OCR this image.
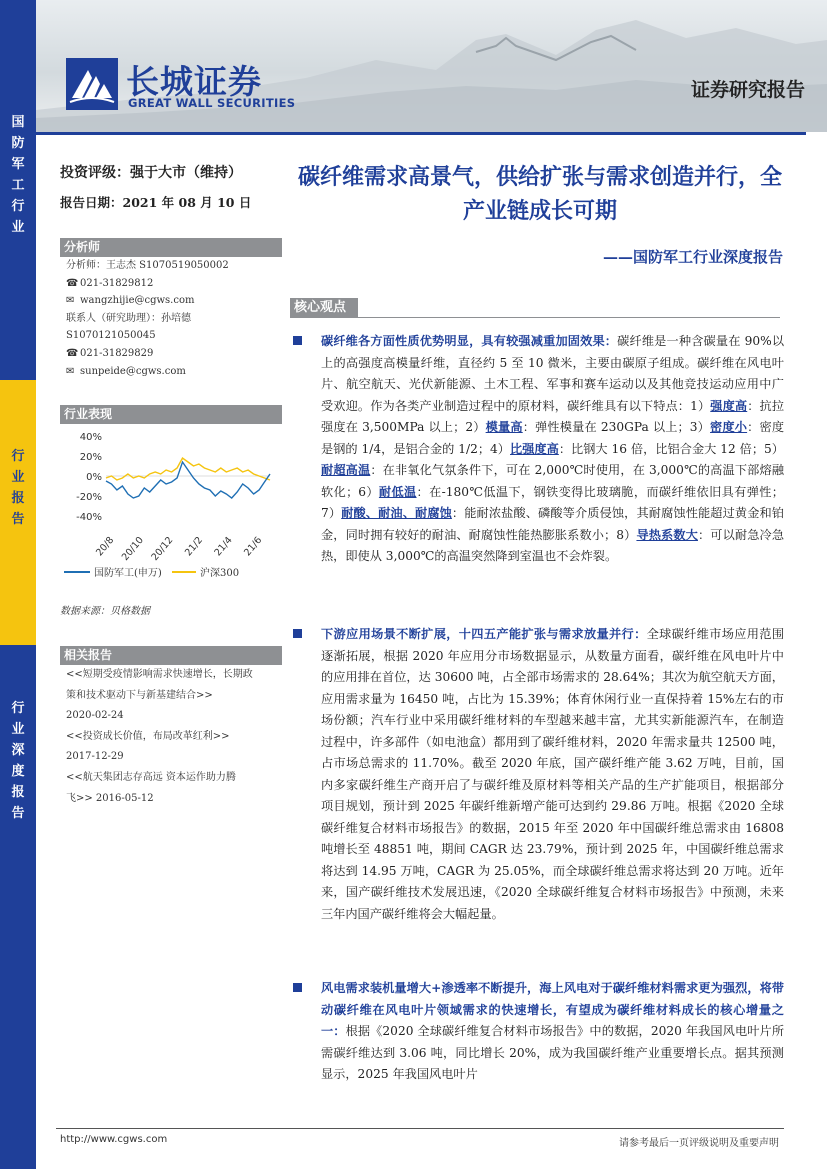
国
防
军
工
行
业
行
业
报
告
行
业
深
度
报
告
长城证券
GREAT WALL SECURITIES
证券研究报告
投资评级：强于大市（维持）
报告日期：2021 年 08 月 10 日
分析师
分析师：王志杰 S1070519050002
☎ 021-31829812
✉ wangzhijie@cgws.com
联系人（研究助理）：孙培德
S1070121050045
☎ 021-31829829
✉ sunpeide@cgws.com
行业表现
40%
20%
0%
-20%
-40%
20/8 20/10 20/12 21/2 21/4 21/6
国防军工(申万)	沪深300
数据来源：贝格数据
相关报告
<<短期受疫情影响需求快速增长，长期政
策和技术驱动下与新基建结合>>
2020-02-24
<<投资成长价值，布局改革红利>>
2017-12-29
<<航天集团志存高远 资本运作助力腾
飞>> 2016-05-12
碳纤维需求高景气，供给扩张与需求创造并行，全产业链成长可期
——国防军工行业深度报告
核心观点
碳纤维各方面性质优势明显，具有较强减重加固效果：碳纤维是一种含碳量在 90%以上的高强度高模量纤维，直径约 5 至 10 微米，主要由碳原子组成。碳纤维在风电叶片、航空航天、光伏新能源、土木工程、军事和赛车运动以及其他竞技运动应用中广受欢迎。作为各类产业制造过程中的原材料，碳纤维具有以下特点：1）强度高：抗拉强度在 3,500MPa 以上；2）模量高：弹性模量在 230GPa 以上；3）密度小：密度是钢的 1/4，是铝合金的 1/2；4）比强度高：比钢大 16 倍，比铝合金大 12 倍；5）耐超高温：在非氧化气氛条件下，可在 2,000℃时使用，在 3,000℃的高温下部熔融软化；6）耐低温：在-180℃低温下，钢铁变得比玻璃脆，而碳纤维依旧具有弹性；7）耐酸、耐油、耐腐蚀：能耐浓盐酸、磷酸等介质侵蚀，其耐腐蚀性能超过黄金和铂金，同时拥有较好的耐油、耐腐蚀性能热膨胀系数小；8）导热系数大：可以耐急冷急热，即使从 3,000℃的高温突然降到室温也不会炸裂。
下游应用场景不断扩展，十四五产能扩张与需求放量并行：全球碳纤维市场应用范围逐渐拓展，根据 2020 年应用分市场数据显示，从数量方面看，碳纤维在风电叶片中的应用排在首位，达 30600 吨，占全部市场需求的 28.64%；其次为航空航天方面，应用需求量为 16450 吨，占比为 15.39%；体育休闲行业一直保持着 15%左右的市场份额；汽车行业中采用碳纤维材料的车型越来越丰富，尤其实新能源汽车，在制造过程中，许多部件（如电池盒）都用到了碳纤维材料，2020 年需求量共 12500 吨，占市场总需求的 11.70%。截至 2020 年底，国产碳纤维产能 3.62 万吨，目前，国内多家碳纤维生产商开启了与碳纤维及原材料等相关产品的生产扩能项目，根据部分项目规划，预计到 2025 年碳纤维新增产能可达到约 29.86 万吨。根据《2020 全球碳纤维复合材料市场报告》的数据，2015 年至 2020 年中国碳纤维总需求由 16808 吨增长至 48851 吨，期间 CAGR 达 23.79%，预计到 2025 年，中国碳纤维总需求将达到 14.95 万吨，CAGR 为 25.05%，而全球碳纤维总需求将达到 20 万吨。近年来，国产碳纤维技术发展迅速，《2020 全球碳纤维复合材料市场报告》中预测，未来三年内国产碳纤维将会大幅起量。
风电需求装机量增大+渗透率不断提升，海上风电对于碳纤维材料需求更为强烈，将带动碳纤维在风电叶片领域需求的快速增长，有望成为碳纤维材料成长的核心增量之一：根据《2020 全球碳纤维复合材料市场报告》中的数据，2020 年我国风电叶片所需碳纤维达到 3.06 吨，同比增长 20%，成为我国碳纤维产业重要增长点。据其预测显示，2025 年我国风电叶片
http://www.cgws.com	请参考最后一页评级说明及重要声明
